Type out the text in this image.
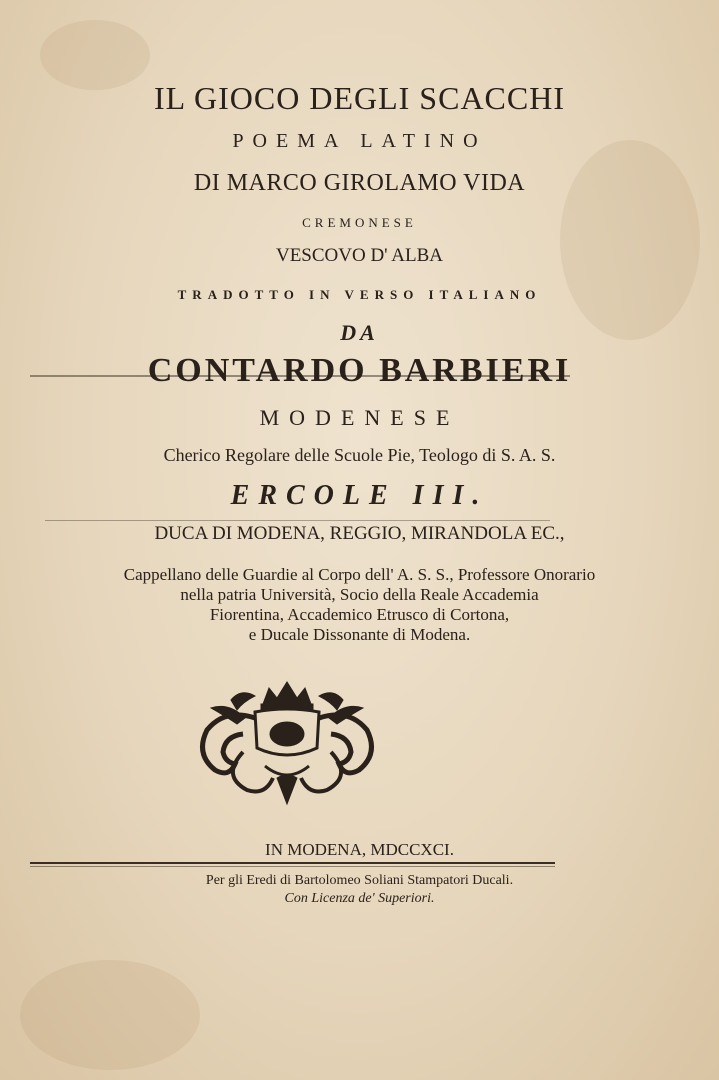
IL GIOCO DEGLI SCACCHI
POEMA LATINO
DI MARCO GIROLAMO VIDA
CREMONESE
VESCOVO D' ALBA
TRADOTTO IN VERSO ITALIANO
DA
CONTARDO BARBIERI
MODENESE
Cherico Regolare delle Scuole Pie, Teologo di S. A. S.
ERCOLE III.
DUCA DI MODENA, REGGIO, MIRANDOLA EC.,
Cappellano delle Guardie al Corpo dell' A. S. S., Professore Onorario
nella patria Università, Socio della Reale Accademia
Fiorentina, Accademico Etrusco di Cortona,
e Ducale Dissonante di Modena.
IN MODENA, MDCCXCI.
Per gli Eredi di Bartolomeo Soliani Stampatori Ducali.
Con Licenza de' Superiori.
